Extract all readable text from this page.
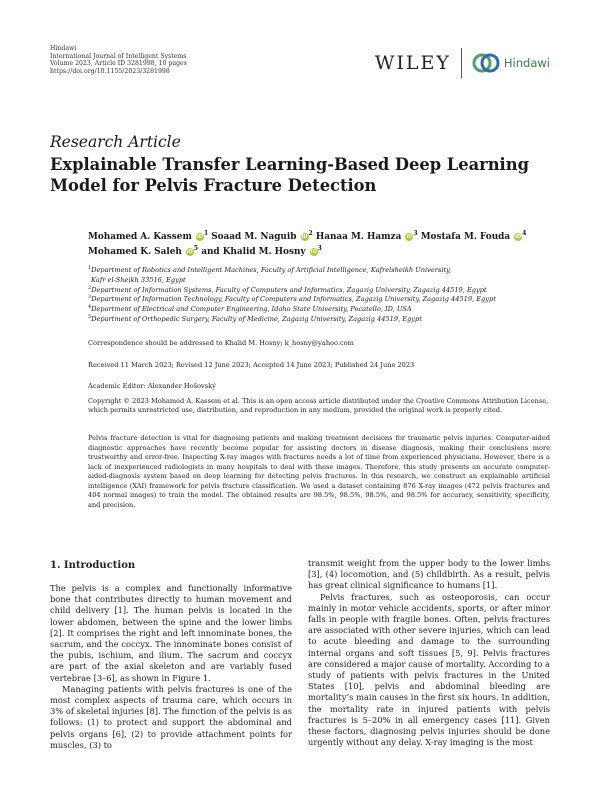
Hindawi
International Journal of Intelligent Systems
Volume 2023, Article ID 3281998, 10 pages
https://doi.org/10.1155/2023/3281998	WILEY	Hindawi
Research Article
Explainable Transfer Learning-Based Deep Learning Model for Pelvis Fracture Detection
Mohamed A. Kassem $iD^1$ Soaad M. Naguib $iD^2$ Hanaa M. Hamza $iD^3$ Mostafa M. Fouda $iD^4$
Mohamed K. Saleh $iD^5$ and Khalid M. Hosny $iD^3$
$^1$Department of Robotics and Intelligent Machines, Faculty of Artificial Intelligence, Kafrelsheikh University,
Kafr el-Sheikh 33516, Egypt
$^2$Department of Information Systems, Faculty of Computers and Informatics, Zagazig University, Zagazig 44519, Egypt
$^3$Department of Information Technology, Faculty of Computers and Informatics, Zagazig University, Zagazig 44519, Egypt
$^4$Department of Electrical and Computer Engineering, Idaho State University, Pocatello, ID, USA
$^5$Department of Orthopedic Surgery, Faculty of Medicine, Zagazig University, Zagazig 44519, Egypt
Correspondence should be addressed to Khalid M. Hosny; k_hosny@yahoo.com
Received 11 March 2023; Revised 12 June 2023; Accepted 14 June 2023; Published 24 June 2023
Academic Editor: Alexander Hošovský
Copyright © 2023 Mohamed A. Kassem et al. This is an open access article distributed under the Creative Commons Attribution License, which permits unrestricted use, distribution, and reproduction in any medium, provided the original work is properly cited.
Pelvis fracture detection is vital for diagnosing patients and making treatment decisions for traumatic pelvis injuries. Computer-aided diagnostic approaches have recently become popular for assisting doctors in disease diagnosis, making their conclusions more trustworthy and error-free. Inspecting X-ray images with fractures needs a lot of time from experienced physicians. However, there is a lack of inexperienced radiologists in many hospitals to deal with these images. Therefore, this study presents an accurate computer-aided-diagnosis system based on deep learning for detecting pelvis fractures. In this research, we construct an explainable artificial intelligence (XAI) framework for pelvis fracture classification. We used a dataset containing 876 X-ray images (472 pelvis fractures and 404 normal images) to train the model. The obtained results are 98.5%, 98.5%, 98.5%, and 98.5% for accuracy, sensitivity, specificity, and precision.
1. Introduction

The pelvis is a complex and functionally informative bone that contributes directly to human movement and child delivery [1]. The human pelvis is located in the lower abdomen, between the spine and the lower limbs [2]. It comprises the right and left innominate bones, the sacrum, and the coccyx. The innominate bones consist of the pubis, ischium, and ilium. The sacrum and coccyx are part of the axial skeleton and are variably fused vertebrae [3–6], as shown in Figure 1.

Managing patients with pelvis fractures is one of the most complex aspects of trauma care, which occurs in 3% of skeletal injuries [8]. The function of the pelvis is as follows: (1) to protect and support the abdominal and pelvis organs [6], (2) to provide attachment points for muscles, (3) to

transmit weight from the upper body to the lower limbs [3], (4) locomotion, and (5) childbirth. As a result, pelvis has great clinical significance to humans [1].

Pelvis fractures, such as osteoporosis, can occur mainly in motor vehicle accidents, sports, or after minor falls in people with fragile bones. Often, pelvis fractures are associated with other severe injuries, which can lead to acute bleeding and damage to the surrounding internal organs and soft tissues [5, 9]. Pelvis fractures are considered a major cause of mortality. According to a study of patients with pelvis fractures in the United States [10], pelvis and abdominal bleeding are mortality’s main causes in the first six hours. In addition, the mortality rate in injured patients with pelvis fractures is 5–20% in all emergency cases [11]. Given these factors, diagnosing pelvis injuries should be done urgently without any delay. X-ray imaging is the most
